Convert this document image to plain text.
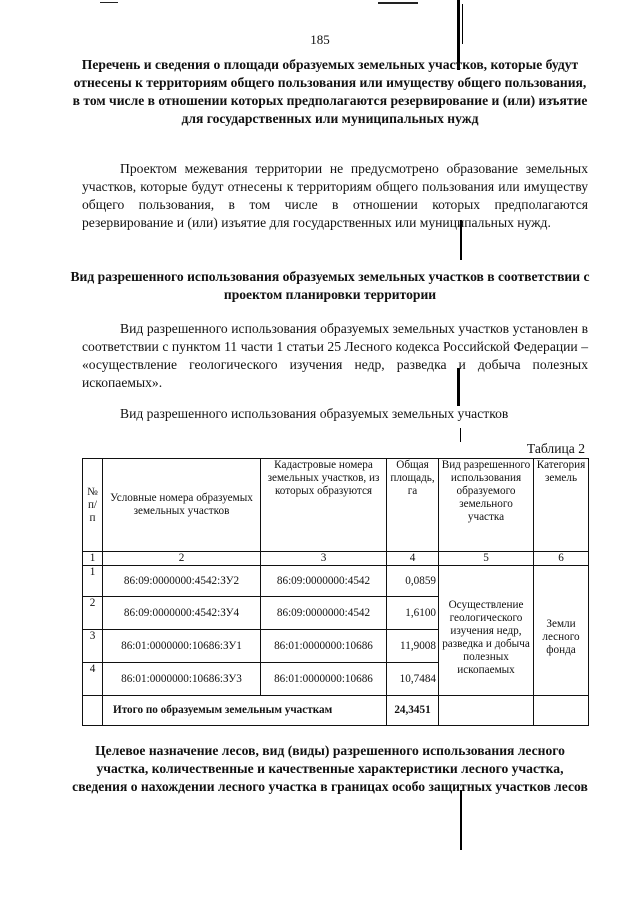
185
Перечень и сведения о площади образуемых земельных участков, которые будут отнесены к территориям общего пользования или имуществу общего пользования, в том числе в отношении которых предполагаются резервирование и (или) изъятие для государственных или муниципальных нужд
Проектом межевания территории не предусмотрено образование земельных участков, которые будут отнесены к территориям общего пользования или имуществу общего пользования, в том числе в отношении которых предполагаются резервирование и (или) изъятие для государственных или муниципальных нужд.
Вид разрешенного использования образуемых земельных участков в соответствии с проектом планировки территории
Вид разрешенного использования образуемых земельных участков установлен в соответствии с пунктом 11 части 1 статьи 25 Лесного кодекса Российской Федерации – «осуществление геологического изучения недр, разведка и добыча полезных ископаемых».
Вид разрешенного использования образуемых земельных участков
Таблица 2
№ п/п	Условные номера образуемых земельных участков	Кадастровые номера земельных участков, из которых образуются	Общая площадь, га	Вид разрешенного использования образуемого земельного участка	Категория земель
1	2	3	4	5	6
1	86:09:0000000:4542:ЗУ2	86:09:0000000:4542	0,0859	Осуществление геологического изучения недр, разведка и добыча полезных ископаемых	Земли лесного фонда
2	86:09:0000000:4542:ЗУ4	86:09:0000000:4542	1,6100		
3	86:01:0000000:10686:ЗУ1	86:01:0000000:10686	11,9008		
4	86:01:0000000:10686:ЗУ3	86:01:0000000:10686	10,7484		
	Итого по образуемым земельным участкам		24,3451		
Целевое назначение лесов, вид (виды) разрешенного использования лесного участка, количественные и качественные характеристики лесного участка, сведения о нахождении лесного участка в границах особо защитных участков лесов
